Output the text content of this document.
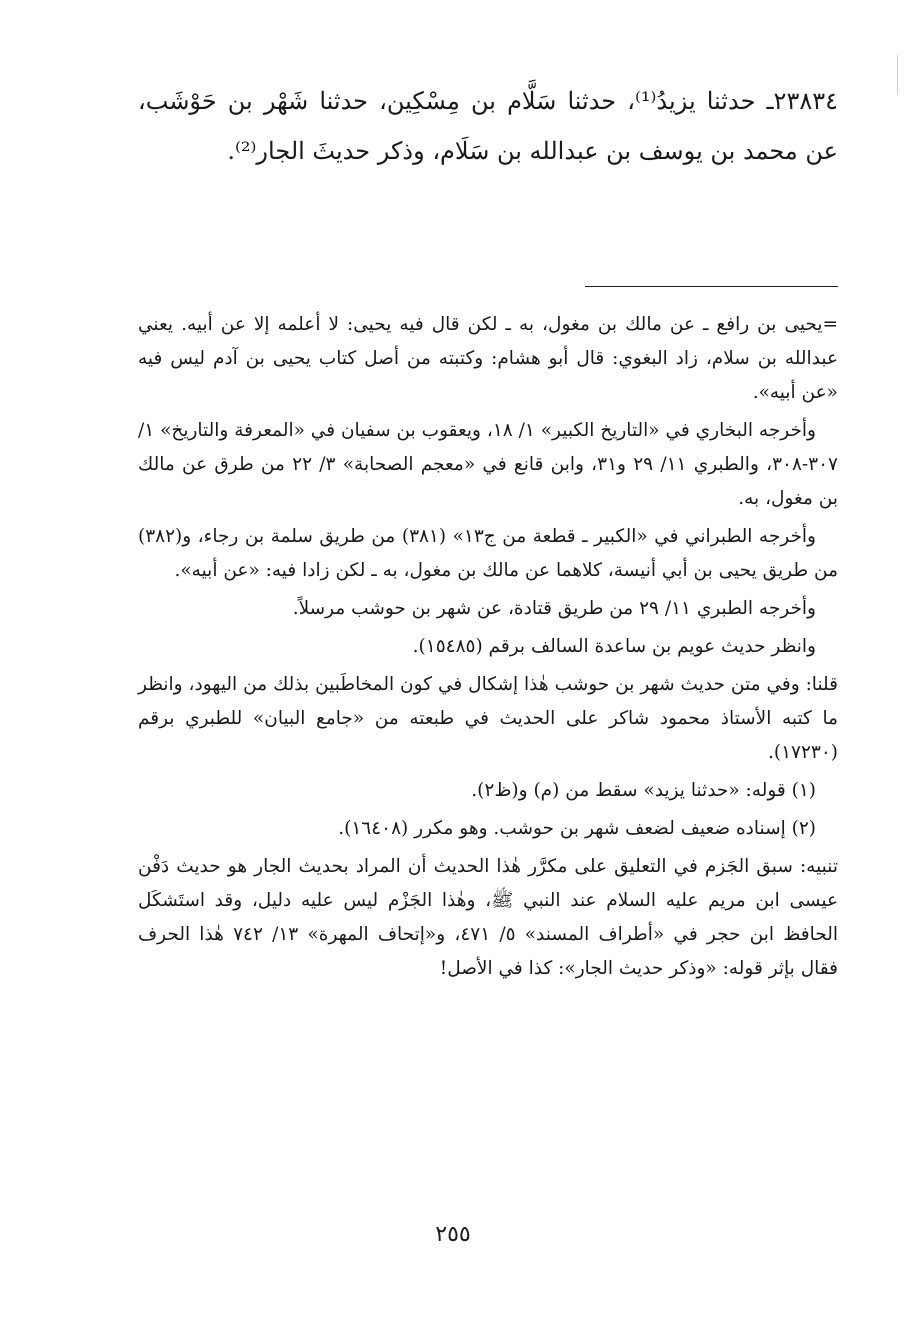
٢٣٨٣٤ـ حدثنا يزيدُ⁽¹⁾، حدثنا سَلَّام بن مِسْكِين، حدثنا شَهْر بن حَوْشَب، عن محمد بن يوسف بن عبدالله بن سَلَام، وذكر حديثَ الجار⁽²⁾.

=يحيى بن رافع ـ عن مالك بن مغول، به ـ لكن قال فيه يحيى: لا أعلمه إلا عن أبيه. يعني عبدالله بن سلام، زاد البغوي: قال أبو هشام: وكتبته من أصل كتاب يحيى بن آدم ليس فيه «عن أبيه».

وأخرجه البخاري في «التاريخ الكبير» ١/ ١٨، ويعقوب بن سفيان في «المعرفة والتاريخ» ١/ ٣٠٧-٣٠٨، والطبري ١١/ ٢٩ و٣١، وابن قانع في «معجم الصحابة» ٣/ ٢٢ من طرق عن مالك بن مغول، به.

وأخرجه الطبراني في «الكبير ـ قطعة من ج١٣» (٣٨١) من طريق سلمة بن رجاء، و(٣٨٢) من طريق يحيى بن أبي أنيسة، كلاهما عن مالك بن مغول، به ـ لكن زادا فيه: «عن أبيه».

وأخرجه الطبري ١١/ ٢٩ من طريق قتادة، عن شهر بن حوشب مرسلاً.

وانظر حديث عويم بن ساعدة السالف برقم (١٥٤٨٥).

قلنا: وفي متن حديث شهر بن حوشب هٰذا إشكال في كون المخاطَبين بذلك من اليهود، وانظر ما كتبه الأستاذ محمود شاكر على الحديث في طبعته من «جامع البيان» للطبري برقم (١٧٢٣٠).

(١) قوله: «حدثنا يزيد» سقط من (م) و(ظ٢).

(٢) إسناده ضعيف لضعف شهر بن حوشب. وهو مكرر (١٦٤٠٨).

تنبيه: سبق الجَزم في التعليق على مكرَّر هٰذا الحديث أن المراد بحديث الجار هو حديث دَفْن عيسى ابن مريم عليه السلام عند النبي ﷺ، وهٰذا الجَزْم ليس عليه دليل، وقد استَشكَل الحافظ ابن حجر في «أطراف المسند» ٥/ ٤٧١، و«إتحاف المهرة» ١٣/ ٧٤٢ هٰذا الحرف فقال بإثر قوله: «وذكر حديث الجار»: كذا في الأصل!

٢٥٥
